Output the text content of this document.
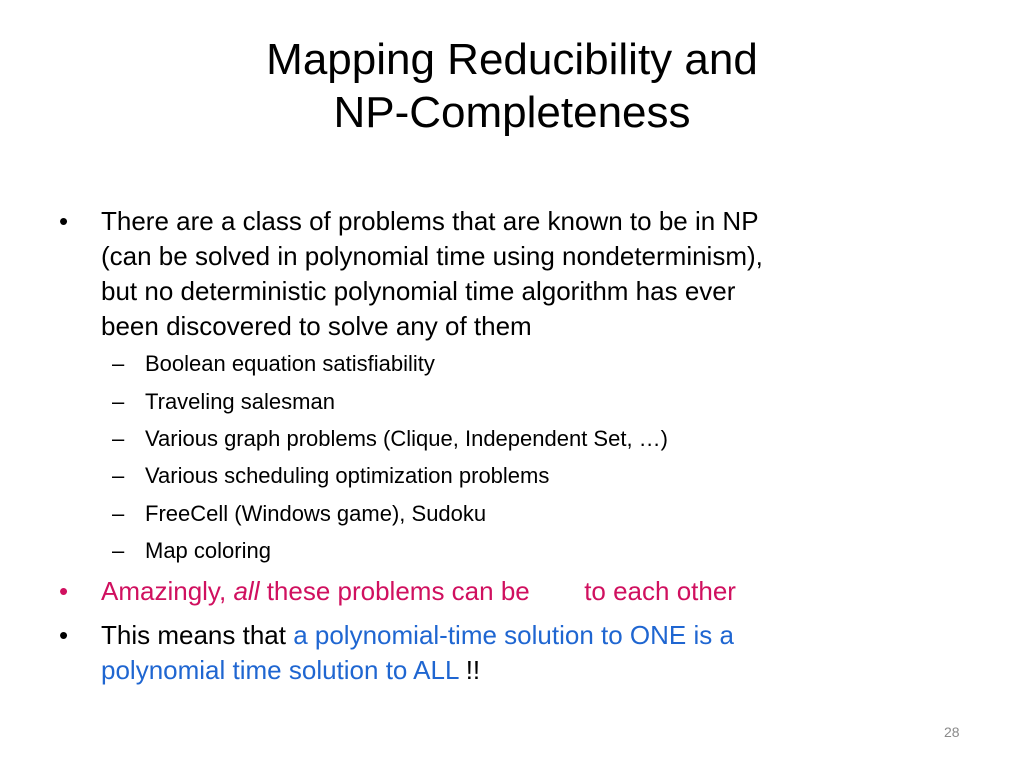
Mapping Reducibility and
NP-Completeness
•	There are a class of problems that are known to be in NP
(can be solved in polynomial time using nondeterminism),
but no deterministic polynomial time algorithm has ever
been discovered to solve any of them
– Boolean equation satisfiability
– Traveling salesman
– Various graph problems (Clique, Independent Set, …)
– Various scheduling optimization problems
– FreeCell (Windows game), Sudoku
– Map coloring
•	Amazingly, all these problems can be  to each other
•	This means that a polynomial-time solution to ONE is a
polynomial time solution to ALL !!
28
